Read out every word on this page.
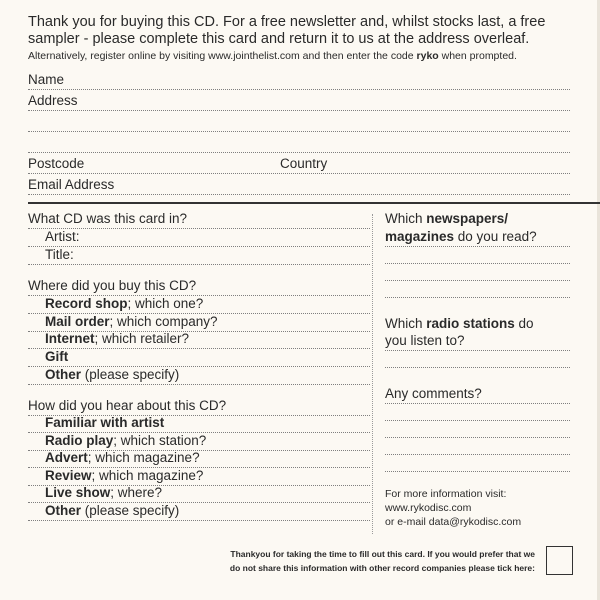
Thank you for buying this CD. For a free newsletter and, whilst stocks last, a free
sampler - please complete this card and return it to us at the address overleaf.
Alternatively, register online by visiting www.jointhelist.com and then enter the code ryko when prompted.
Name
Address
Postcode	Country
Email Address
What CD was this card in?
Artist:
Title:
Where did you buy this CD?
Record shop; which one?
Mail order; which company?
Internet; which retailer?
Gift
Other (please specify)
How did you hear about this CD?
Familiar with artist
Radio play; which station?
Advert; which magazine?
Review; which magazine?
Live show; where?
Other (please specify)
Which newspapers/
magazines do you read?
Which radio stations do
you listen to?
Any comments?
For more information visit:
www.rykodisc.com
or e-mail data@rykodisc.com
Thankyou for taking the time to fill out this card. If you would prefer that we
do not share this information with other record companies please tick here:
